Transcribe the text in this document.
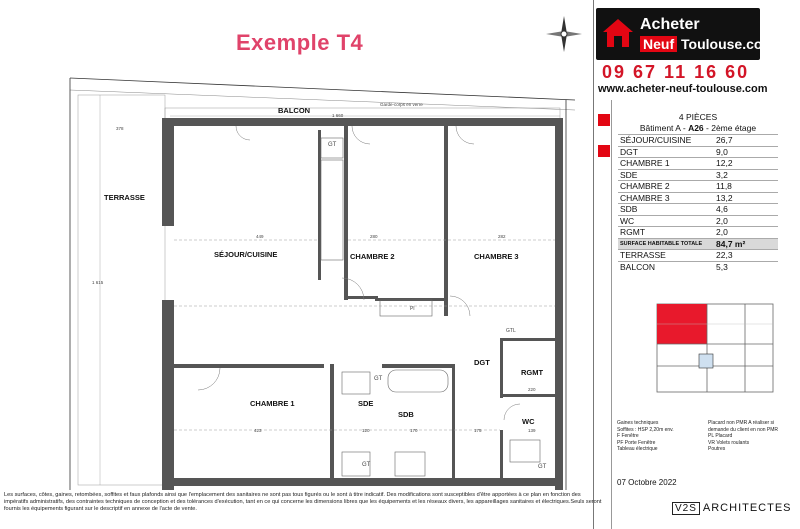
Exemple T4
BALCON
TERRASSE
SÉJOUR/CUISINE	CHAMBRE 2	CHAMBRE 3
DGT
RGMT
CHAMBRE 1	SDE
SDB
WC
1 660
Garde-corps en verre
378
1 615
449	280	282
423	120	170	175	139
220
GT
GT
GT	GT
Pl
GTL
Acheter
Neuf Toulouse.com
09 67 11 16 60
www.acheter-neuf-toulouse.com
4 PIÈCES
Bâtiment A - A26 - 2ème étage
SÉJOUR/CUISINE	26,7
DGT	9,0
CHAMBRE 1	12,2
SDE	3,2
CHAMBRE 2	11,8
CHAMBRE 3	13,2
SDB	4,6
WC	2,0
RGMT	2,0
SURFACE HABITABLE TOTALE	84,7 m²
TERRASSE	22,3
BALCON	5,3
Gaines techniques
Soffites : HSP 2,20m env.
F Fenêtre
PF Porte Fenêtre
Tableau électrique
Placard non PMR A réaliser si
demande du client en non PMR
PL Placard
VR Volets roulants
Poutres
07 Octobre 2022
V2S ARCHITECTES
Les surfaces, côtes, gaines, retombées, soffites et faux plafonds ainsi que l'emplacement des sanitaires ne sont pas tous figurés ou le sont à titre indicatif. Des modifications sont susceptibles d'être apportées à ce plan en fonction des impératifs administratifs, des contraintes techniques de conception et des tolérances d'exécution, tant en ce qui concerne les dimensions libres que les équipements et les réseaux divers, les appareillages sanitaires et électriques.Seuls seront fournis les équipements figurant sur le descriptif en annexe de l'acte de vente.
